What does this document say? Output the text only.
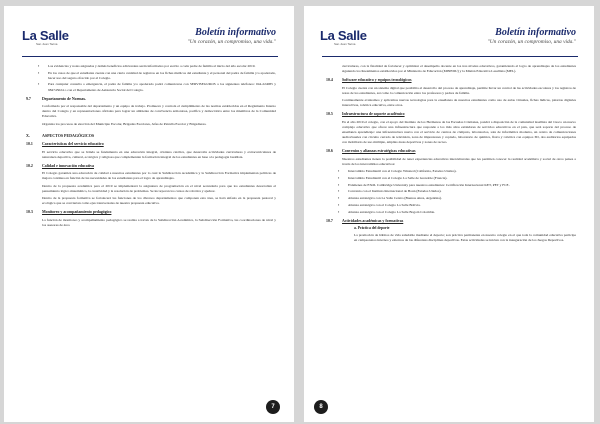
La Salle
San Juan Tacna
Boletín informativo
"Un corazón, un compromiso, una vida."
▪ Las evidencias y notas asignadas y demás beneficios adicionales serán informados por escrito a cada padre de familia al inicio del año escolar 2019.
▪ En los casos de que el estudiante cuente con una cierta cantidad de registros en los fichas médicos del estudiante y el personal del padre de familia y/o apoderado, hacer uso del seguro ofrecido por el Colegio.
▪ Para cualquier consulta o emergencia, el padre de familia y/o apoderado podrá comunicarse con SERVISEGUROS a los siguientes teléfonos: 044-224085 y 984745024 o con el Departamento de Asistencia Social del Colegio.
9.7	Departamento de Normas.

Conformado por el responsable del departamento y un equipo de trabajo. Promueve y controla el cumplimiento de las normas establecidas en el Reglamento Interno dentro del Colegio y en representaciones oficiales para lograr un ambiente de convivencia armoniosa, pacífica y democrática entre los miembros de la Comunidad Educativa.

Organiza los procesos de elección del Municipio Escolar, Brigadas Escolares, Jefes de Patrulla Escolar y Brigadieres.

X.	ASPECTOS PEDAGÓGICOS
10.1	Características del servicio educativo

El servicio educativo que se brinda se fundamenta en una educación integral, cristiana católica, que desarrolla actividades curriculares y extracurriculares de naturaleza deportiva, cultural, ecológica y religiosa que complementan la formación integral de los estudiantes en base a la pedagogía lasallista.

10.2	Calidad e innovación educativa

El Colegio garantiza una educación de calidad a nuestros estudiantes por lo cual la Subdirección Académica y la Subdirección Formativa implementan políticas de mejora continua en función de las necesidades de los estudiantes para el logro de aprendizajes.

Dentro de la propuesta académica para el 2019 se implementará la asignatura de programación en el nivel secundaria para que los estudiantes desarrollen el pensamiento lógico matemático, la creatividad y la resolución de problemas. Se incorporan los cursos de robótica y ajedrez.

Dentro de la propuesta formativa se fortalecerá las funciones de los diversos departamentos que componen esta área, se hará énfasis en la propuesta pastoral y ecológica que se conviertan como ejes transversales de nuestra propuesta educativa.

10.3	Monitoreo y acompañamiento pedagógico

La función de monitoreo y acompañamiento pedagógico se realiza a través de la Subdirección Académica, la Subdirección Formativa, las coordinaciones de nivel y los asesores de área

7
La Salle
San Juan Tacna
Boletín informativo
"Un corazón, un compromiso, una vida."

curriculares, con la finalidad de fortalecer y optimizar el desempeño docente en los tres niveles educativos, garantizando el logro de aprendizajes de los estudiantes siguiendo los lineamientos establecidos por el Ministerio de Educación (MINEDU) y la Misión Educativa Lasallista (MEL).

10.4	Software educativo y equipos tecnológicos

El Colegio cuenta con un sistema digital que posibilita el desarrollo del proceso de aprendizaje, permite llevar un control de las actividades escolares y los registros de notas de los estudiantes, así como la comunicación entre los profesores y padres de familia.

Continuamente evaluamos y aplicamos nuevas tecnologías para la enseñanza de nuestros estudiantes como uso de aulas virtuales, fichas lúdicas, pizarras digitales interactivas, robótica educativa, entre otros.

10.5	Infraestructura de soporte académico

En el año 2019 el colegio, con el apoyo del Instituto de los Hermanos de las Escuelas Cristianas, pondrá a disposición de la comunidad lasallista del Cusco un nuevo complejo educativo que ofrece una infraestructura que responde a los más altos estándares de servicios educativos en el país, que será soporte del proceso de enseñanza aprendizaje: una infraestructura nueva con el servicio de centros de cómputo, laboratorios, sala de informática moderna, un centro de comunicaciones audiovisuales con circuito cerrado de televisión, zona de impresiones y copiado, laboratorio de química, física y robótica con equipos 3D, dos auditorios equipados con mobiliario de uso múltiple, amplias áreas deportivas y zonas de recreo.

10.6	Convenios y alianzas estratégicas educativas

Nuestros estudiantes tienen la posibilidad de tener experiencias educativas interculturales que les permiten conocer la realidad académica y social de otros países a través de los intercambios educativos:

▪ Intercambio Estudiantil con el Colegio Winsted (California, Estados Unidos).
▪ Intercambio Estudiantil con el Colegio La Salle de Grenoble (Francia).
▪ Exámenes de ESOL Cambridge University para nuestros estudiantes: Certificación Internacional KET, PET y FCE.
▪ Convenio con el Instituto Internacional de Boun (Estados Unidos).
▪ Alianza estratégica con La Salle Centro (Buenos Aires, Argentina).
▪ Alianza estratégica con el Colegio La Salle Bolivia.
▪ Alianza estratégica con el Colegio La Salle Bogotá Colombia.
10.7	Actividades académicas y formativas
a. Práctica del deporte

La promoción de hábitos de vida saludable mediante el deporte; son práctica permanente en nuestro colegio en el que toda la comunidad educativa participa en campeonatos internos y externos de las diferentes disciplinas deportivas. Estas actividades se inician con la inauguración de los Juegos Deportivos.

8
